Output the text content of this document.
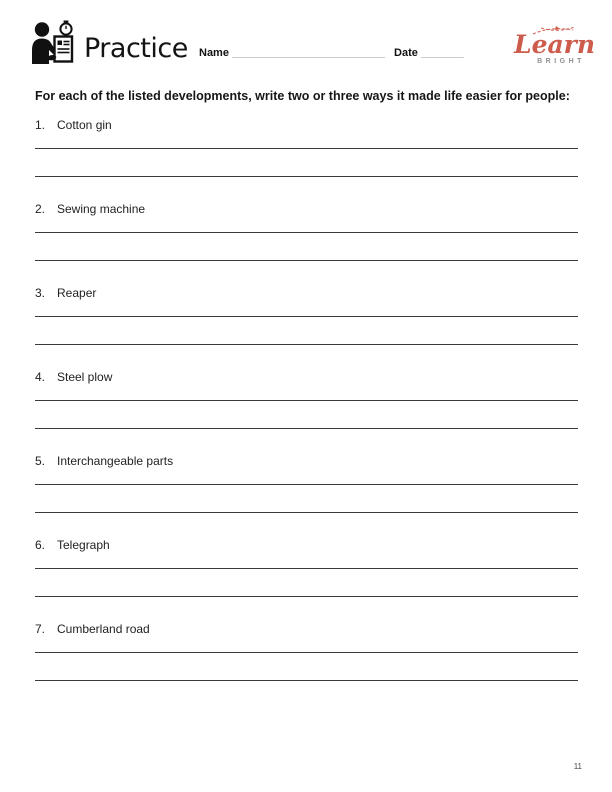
Practice Name _________________________ Date _______ Learn
BRIGHT
For each of the listed developments, write two or three ways it made life easier for people:
1. Cotton gin
2. Sewing machine
3. Reaper
4. Steel plow
5. Interchangeable parts
6. Telegraph
7. Cumberland road
11
